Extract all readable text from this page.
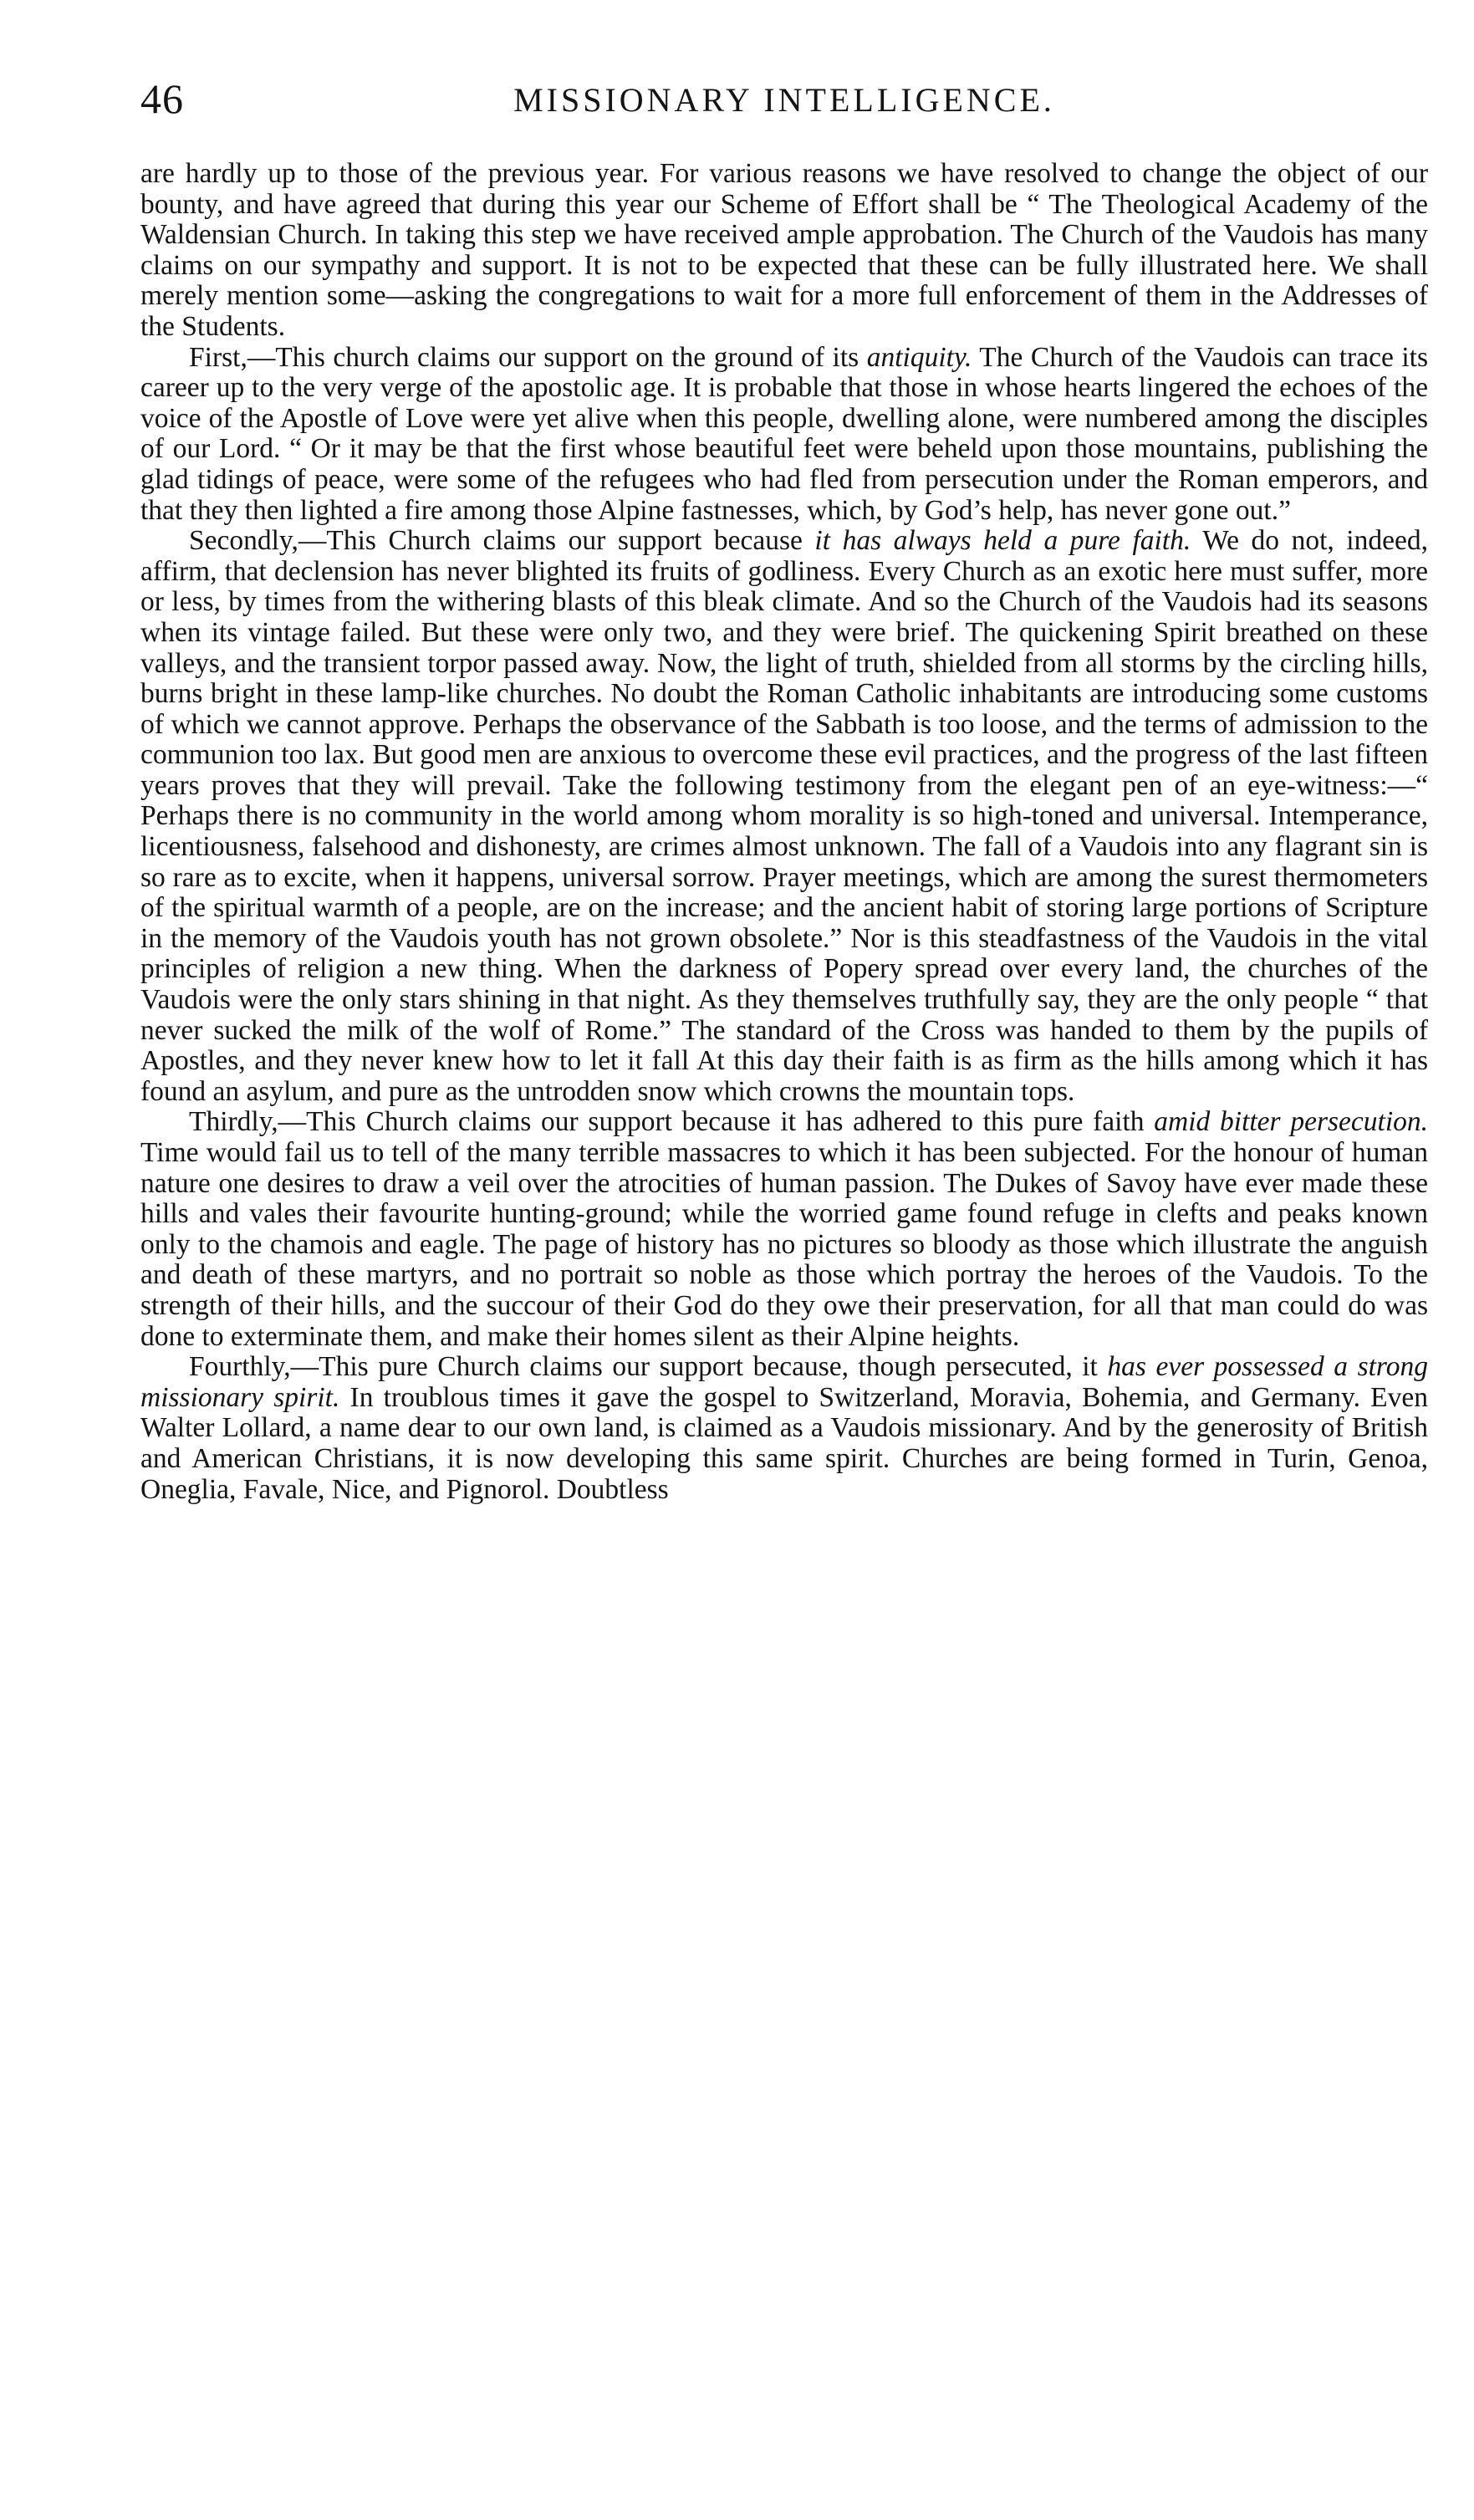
46	MISSIONARY INTELLIGENCE.

are hardly up to those of the previous year. For various reasons we have resolved to change the object of our bounty, and have agreed that during this year our Scheme of Effort shall be “ The Theological Academy of the Waldensian Church. In taking this step we have received ample approbation. The Church of the Vaudois has many claims on our sympathy and support. It is not to be expected that these can be fully illustrated here. We shall merely mention some—asking the congregations to wait for a more full enforcement of them in the Addresses of the Students.

First,—This church claims our support on the ground of its antiquity. The Church of the Vaudois can trace its career up to the very verge of the apostolic age. It is probable that those in whose hearts lingered the echoes of the voice of the Apostle of Love were yet alive when this people, dwelling alone, were numbered among the disciples of our Lord. “ Or it may be that the first whose beautiful feet were beheld upon those mountains, publishing the glad tidings of peace, were some of the refugees who had fled from persecution under the Roman emperors, and that they then lighted a fire among those Alpine fastnesses, which, by God’s help, has never gone out.”

Secondly,—This Church claims our support because it has always held a pure faith. We do not, indeed, affirm, that declension has never blighted its fruits of godliness. Every Church as an exotic here must suffer, more or less, by times from the withering blasts of this bleak climate. And so the Church of the Vaudois had its seasons when its vintage failed. But these were only two, and they were brief. The quickening Spirit breathed on these valleys, and the transient torpor passed away. Now, the light of truth, shielded from all storms by the circling hills, burns bright in these lamp-like churches. No doubt the Roman Catholic inhabitants are introducing some customs of which we cannot approve. Perhaps the observance of the Sabbath is too loose, and the terms of admission to the communion too lax. But good men are anxious to overcome these evil practices, and the progress of the last fifteen years proves that they will prevail. Take the following testimony from the elegant pen of an eye-witness:—“ Perhaps there is no community in the world among whom morality is so high-toned and universal. Intemperance, licentiousness, falsehood and dishonesty, are crimes almost unknown. The fall of a Vaudois into any flagrant sin is so rare as to excite, when it happens, universal sorrow. Prayer meetings, which are among the surest thermometers of the spiritual warmth of a people, are on the increase; and the ancient habit of storing large portions of Scripture in the memory of the Vaudois youth has not grown obsolete.” Nor is this steadfastness of the Vaudois in the vital principles of religion a new thing. When the darkness of Popery spread over every land, the churches of the Vaudois were the only stars shining in that night. As they themselves truthfully say, they are the only people “ that never sucked the milk of the wolf of Rome.” The standard of the Cross was handed to them by the pupils of Apostles, and they never knew how to let it fall At this day their faith is as firm as the hills among which it has found an asylum, and pure as the untrodden snow which crowns the mountain tops.

Thirdly,—This Church claims our support because it has adhered to this pure faith amid bitter persecution. Time would fail us to tell of the many terrible massacres to which it has been subjected. For the honour of human nature one desires to draw a veil over the atrocities of human passion. The Dukes of Savoy have ever made these hills and vales their favourite hunting-ground; while the worried game found refuge in clefts and peaks known only to the chamois and eagle. The page of history has no pictures so bloody as those which illustrate the anguish and death of these martyrs, and no portrait so noble as those which portray the heroes of the Vaudois. To the strength of their hills, and the succour of their God do they owe their preservation, for all that man could do was done to exterminate them, and make their homes silent as their Alpine heights.

Fourthly,—This pure Church claims our support because, though persecuted, it has ever possessed a strong missionary spirit. In troublous times it gave the gospel to Switzerland, Moravia, Bohemia, and Germany. Even Walter Lollard, a name dear to our own land, is claimed as a Vaudois missionary. And by the generosity of British and American Christians, it is now developing this same spirit. Churches are being formed in Turin, Genoa, Oneglia, Favale, Nice, and Pignorol. Doubtless
